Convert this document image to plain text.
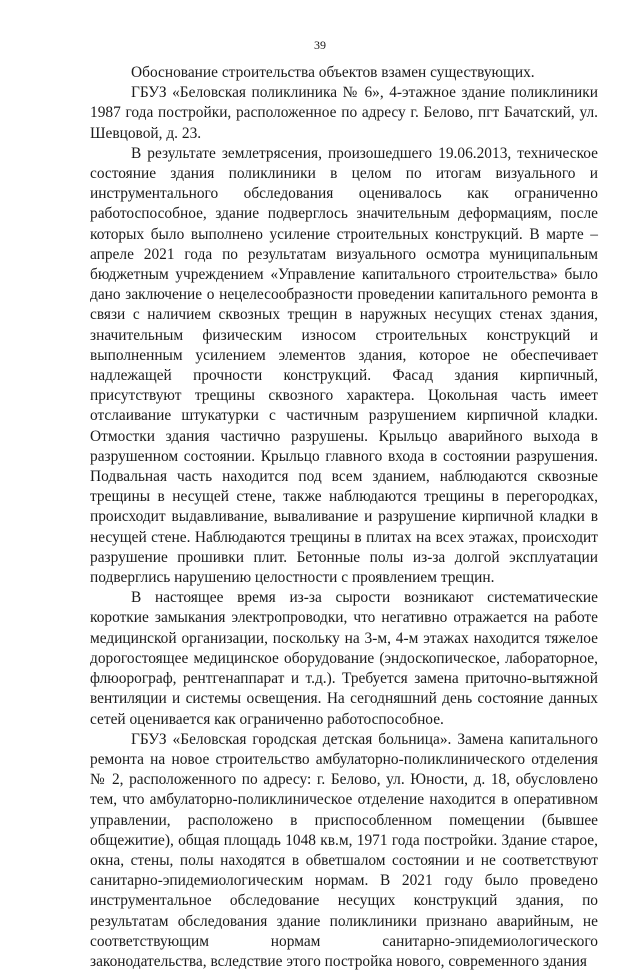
39

Обоснование строительства объектов взамен существующих.

ГБУЗ «Беловская поликлиника № 6», 4-этажное здание поликлиники 1987 года постройки, расположенное по адресу г. Белово, пгт Бачатский, ул. Шевцовой, д. 23.

В результате землетрясения, произошедшего 19.06.2013, техническое состояние здания поликлиники в целом по итогам визуального и инструментального обследования оценивалось как ограниченно работоспособное, здание подверглось значительным деформациям, после которых было выполнено усиление строительных конструкций. В марте – апреле 2021 года по результатам визуального осмотра муниципальным бюджетным учреждением «Управление капитального строительства» было дано заключение о нецелесообразности проведении капитального ремонта в связи с наличием сквозных трещин в наружных несущих стенах здания, значительным физическим износом строительных конструкций и выполненным усилением элементов здания, которое не обеспечивает надлежащей прочности конструкций. Фасад здания кирпичный, присутствуют трещины сквозного характера. Цокольная часть имеет отслаивание штукатурки с частичным разрушением кирпичной кладки. Отмостки здания частично разрушены. Крыльцо аварийного выхода в разрушенном состоянии. Крыльцо главного входа в состоянии разрушения. Подвальная часть находится под всем зданием, наблюдаются сквозные трещины в несущей стене, также наблюдаются трещины в перегородках, происходит выдавливание, вываливание и разрушение кирпичной кладки в несущей стене. Наблюдаются трещины в плитах на всех этажах, происходит разрушение прошивки плит. Бетонные полы из-за долгой эксплуатации подверглись нарушению целостности с проявлением трещин.

В настоящее время из-за сырости возникают систематические короткие замыкания электропроводки, что негативно отражается на работе медицинской организации, поскольку на 3-м, 4-м этажах находится тяжелое дорогостоящее медицинское оборудование (эндоскопическое, лабораторное, флюорограф, рентгенаппарат и т.д.). Требуется замена приточно-вытяжной вентиляции и системы освещения. На сегодняшний день состояние данных сетей оценивается как ограниченно работоспособное.

ГБУЗ «Беловская городская детская больница». Замена капитального ремонта на новое строительство амбулаторно-поликлинического отделения № 2, расположенного по адресу: г. Белово, ул. Юности, д. 18, обусловлено тем, что амбулаторно-поликлиническое отделение находится в оперативном управлении, расположено в приспособленном помещении (бывшее общежитие), общая площадь 1048 кв.м, 1971 года постройки. Здание старое, окна, стены, полы находятся в обветшалом состоянии и не соответствуют санитарно-эпидемиологическим нормам. В 2021 году было проведено инструментальное обследование несущих конструкций здания, по результатам обследования здание поликлиники признано аварийным, не соответствующим нормам санитарно-эпидемиологического законодательства, вследствие этого постройка нового, современного здания
